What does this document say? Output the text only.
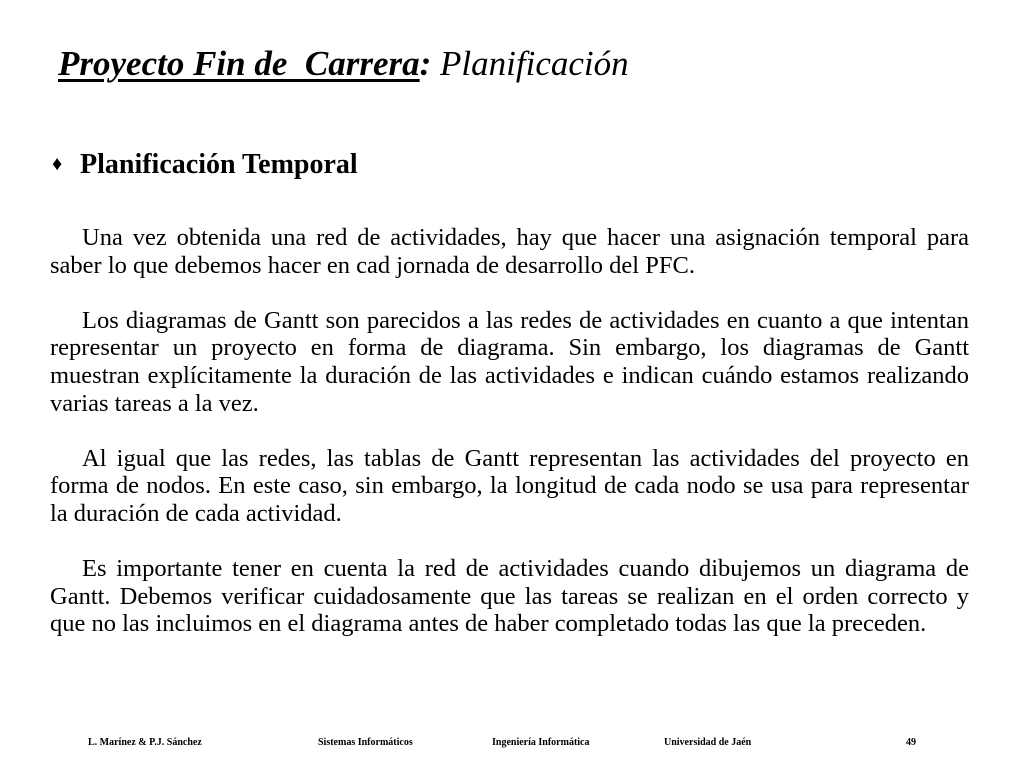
Proyecto Fin de  Carrera: Planificación
♦ Planificación Temporal

Una vez obtenida una red de actividades, hay que hacer una asignación temporal para saber lo que debemos hacer en cad jornada de desarrollo del PFC.

Los diagramas de Gantt son parecidos a las redes de actividades en cuanto a que intentan representar un proyecto en forma de diagrama. Sin embargo, los diagramas de Gantt muestran explícitamente la duración de las actividades e indican cuándo estamos realizando varias tareas a la vez.

Al igual que las redes, las tablas de Gantt representan las actividades del proyecto en forma de nodos. En este caso, sin embargo, la longitud de cada nodo se usa para representar la duración de cada actividad.

Es importante tener en cuenta la red de actividades cuando dibujemos un diagrama de Gantt. Debemos verificar cuidadosamente que las tareas se realizan en el orden correcto y que no las incluimos en el diagrama antes de haber completado todas las que la preceden.

L. Marínez & P.J. Sánchez	Sistemas Informáticos	Ingeniería Informática	Universidad de Jaén	49
